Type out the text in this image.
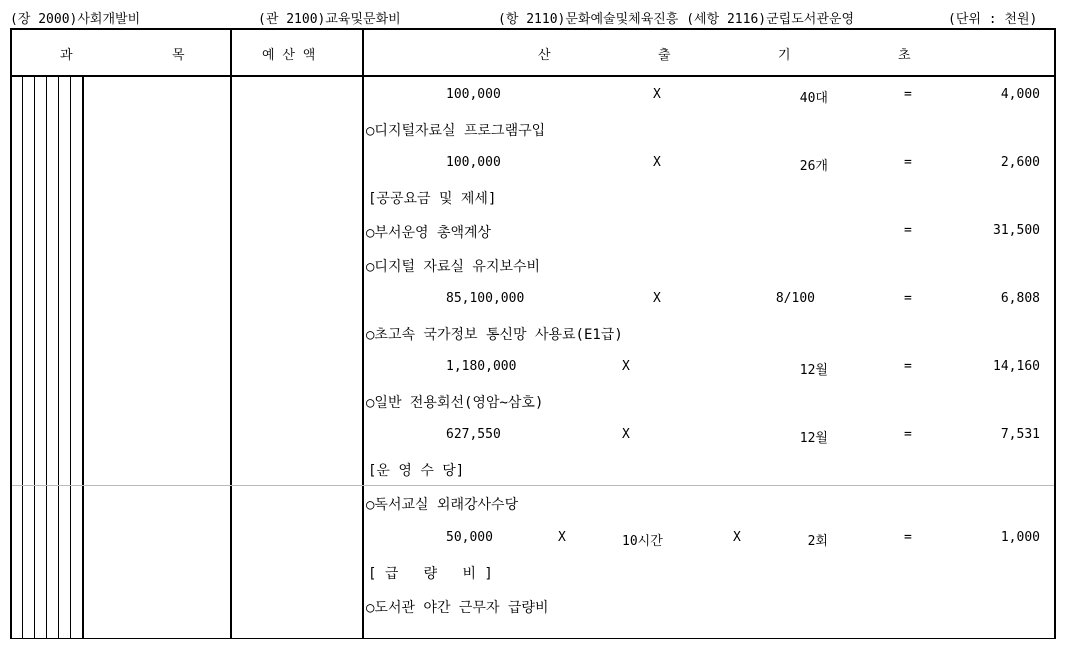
(장 2000)사회개발비	(관 2100)교육및문화비	(항 2110)문화예술및체육진흥 (세항 2116)군립도서관운영	(단위 : 천원)
과	목	예 산 액	산	출	기	초
100,000	X	40대	=	4,000
○디지털자료실 프로그램구입
100,000	X	26개	=	2,600
[공공요금 및 제세]
○부서운영 총액계상	=	31,500
○디지털 자료실 유지보수비
85,100,000	X	8/100	=	6,808
○초고속 국가정보 통신망 사용료(E1급)
1,180,000	X	12월	=	14,160
○일반 전용회선(영암~삼호)
627,550	X	12월	=	7,531
[운 영 수 당]
○독서교실 외래강사수당
50,000	X	10시간	X	2회	=	1,000
[ 급   량   비 ]
○도서관 야간 근무자 급량비
